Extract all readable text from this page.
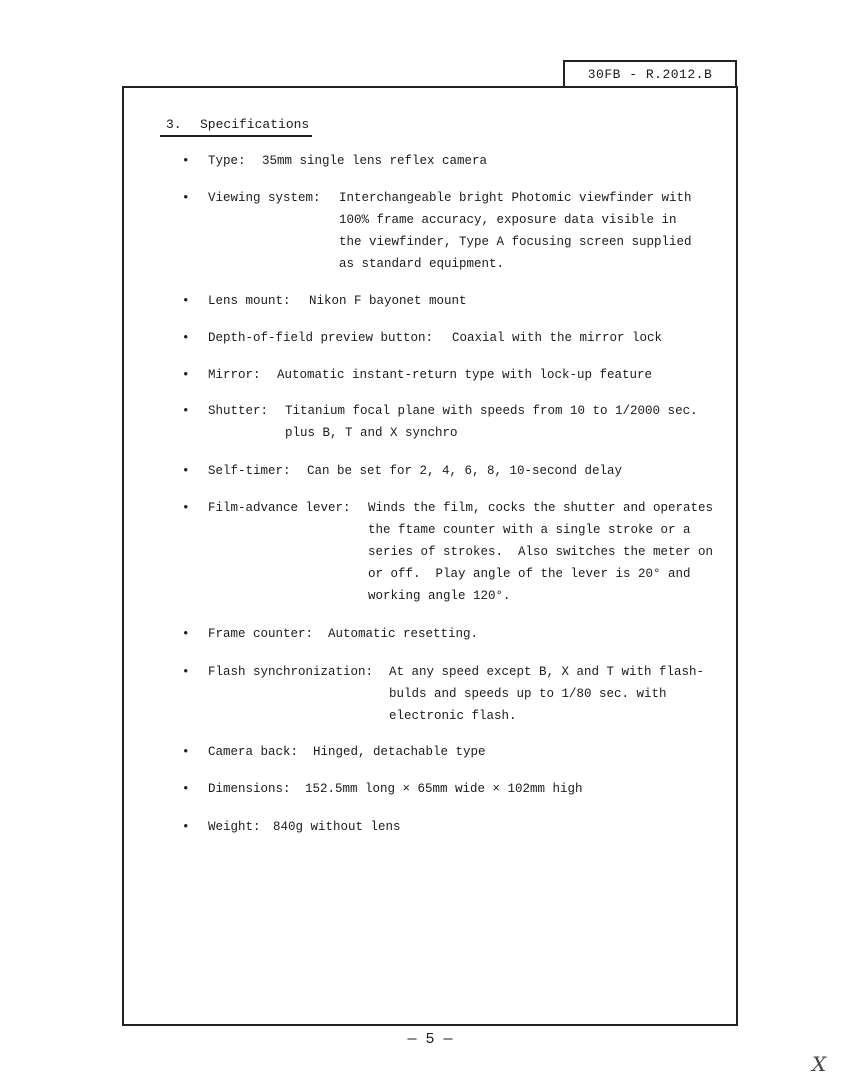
30FB - R.2012.B
3. Specifications
• Type: 35mm single lens reflex camera
• Viewing system: Interchangeable bright Photomic viewfinder with
100% frame accuracy, exposure data visible in
the viewfinder, Type A focusing screen supplied
as standard equipment.
• Lens mount: Nikon F bayonet mount
• Depth-of-field preview button: Coaxial with the mirror lock
• Mirror: Automatic instant-return type with lock-up feature
• Shutter: Titanium focal plane with speeds from 10 to 1/2000 sec.
plus B, T and X synchro
• Self-timer: Can be set for 2, 4, 6, 8, 10-second delay
• Film-advance lever: Winds the film, cocks the shutter and operates
the ftame counter with a single stroke or a
series of strokes.  Also switches the meter on
or off.  Play angle of the lever is 20° and
working angle 120°.
• Frame counter: Automatic resetting.
• Flash synchronization: At any speed except B, X and T with flash-
bulds and speeds up to 1/80 sec. with
electronic flash.
• Camera back: Hinged, detachable type
• Dimensions: 152.5mm long × 65mm wide × 102mm high
• Weight: 840g without lens
— 5 —
X
